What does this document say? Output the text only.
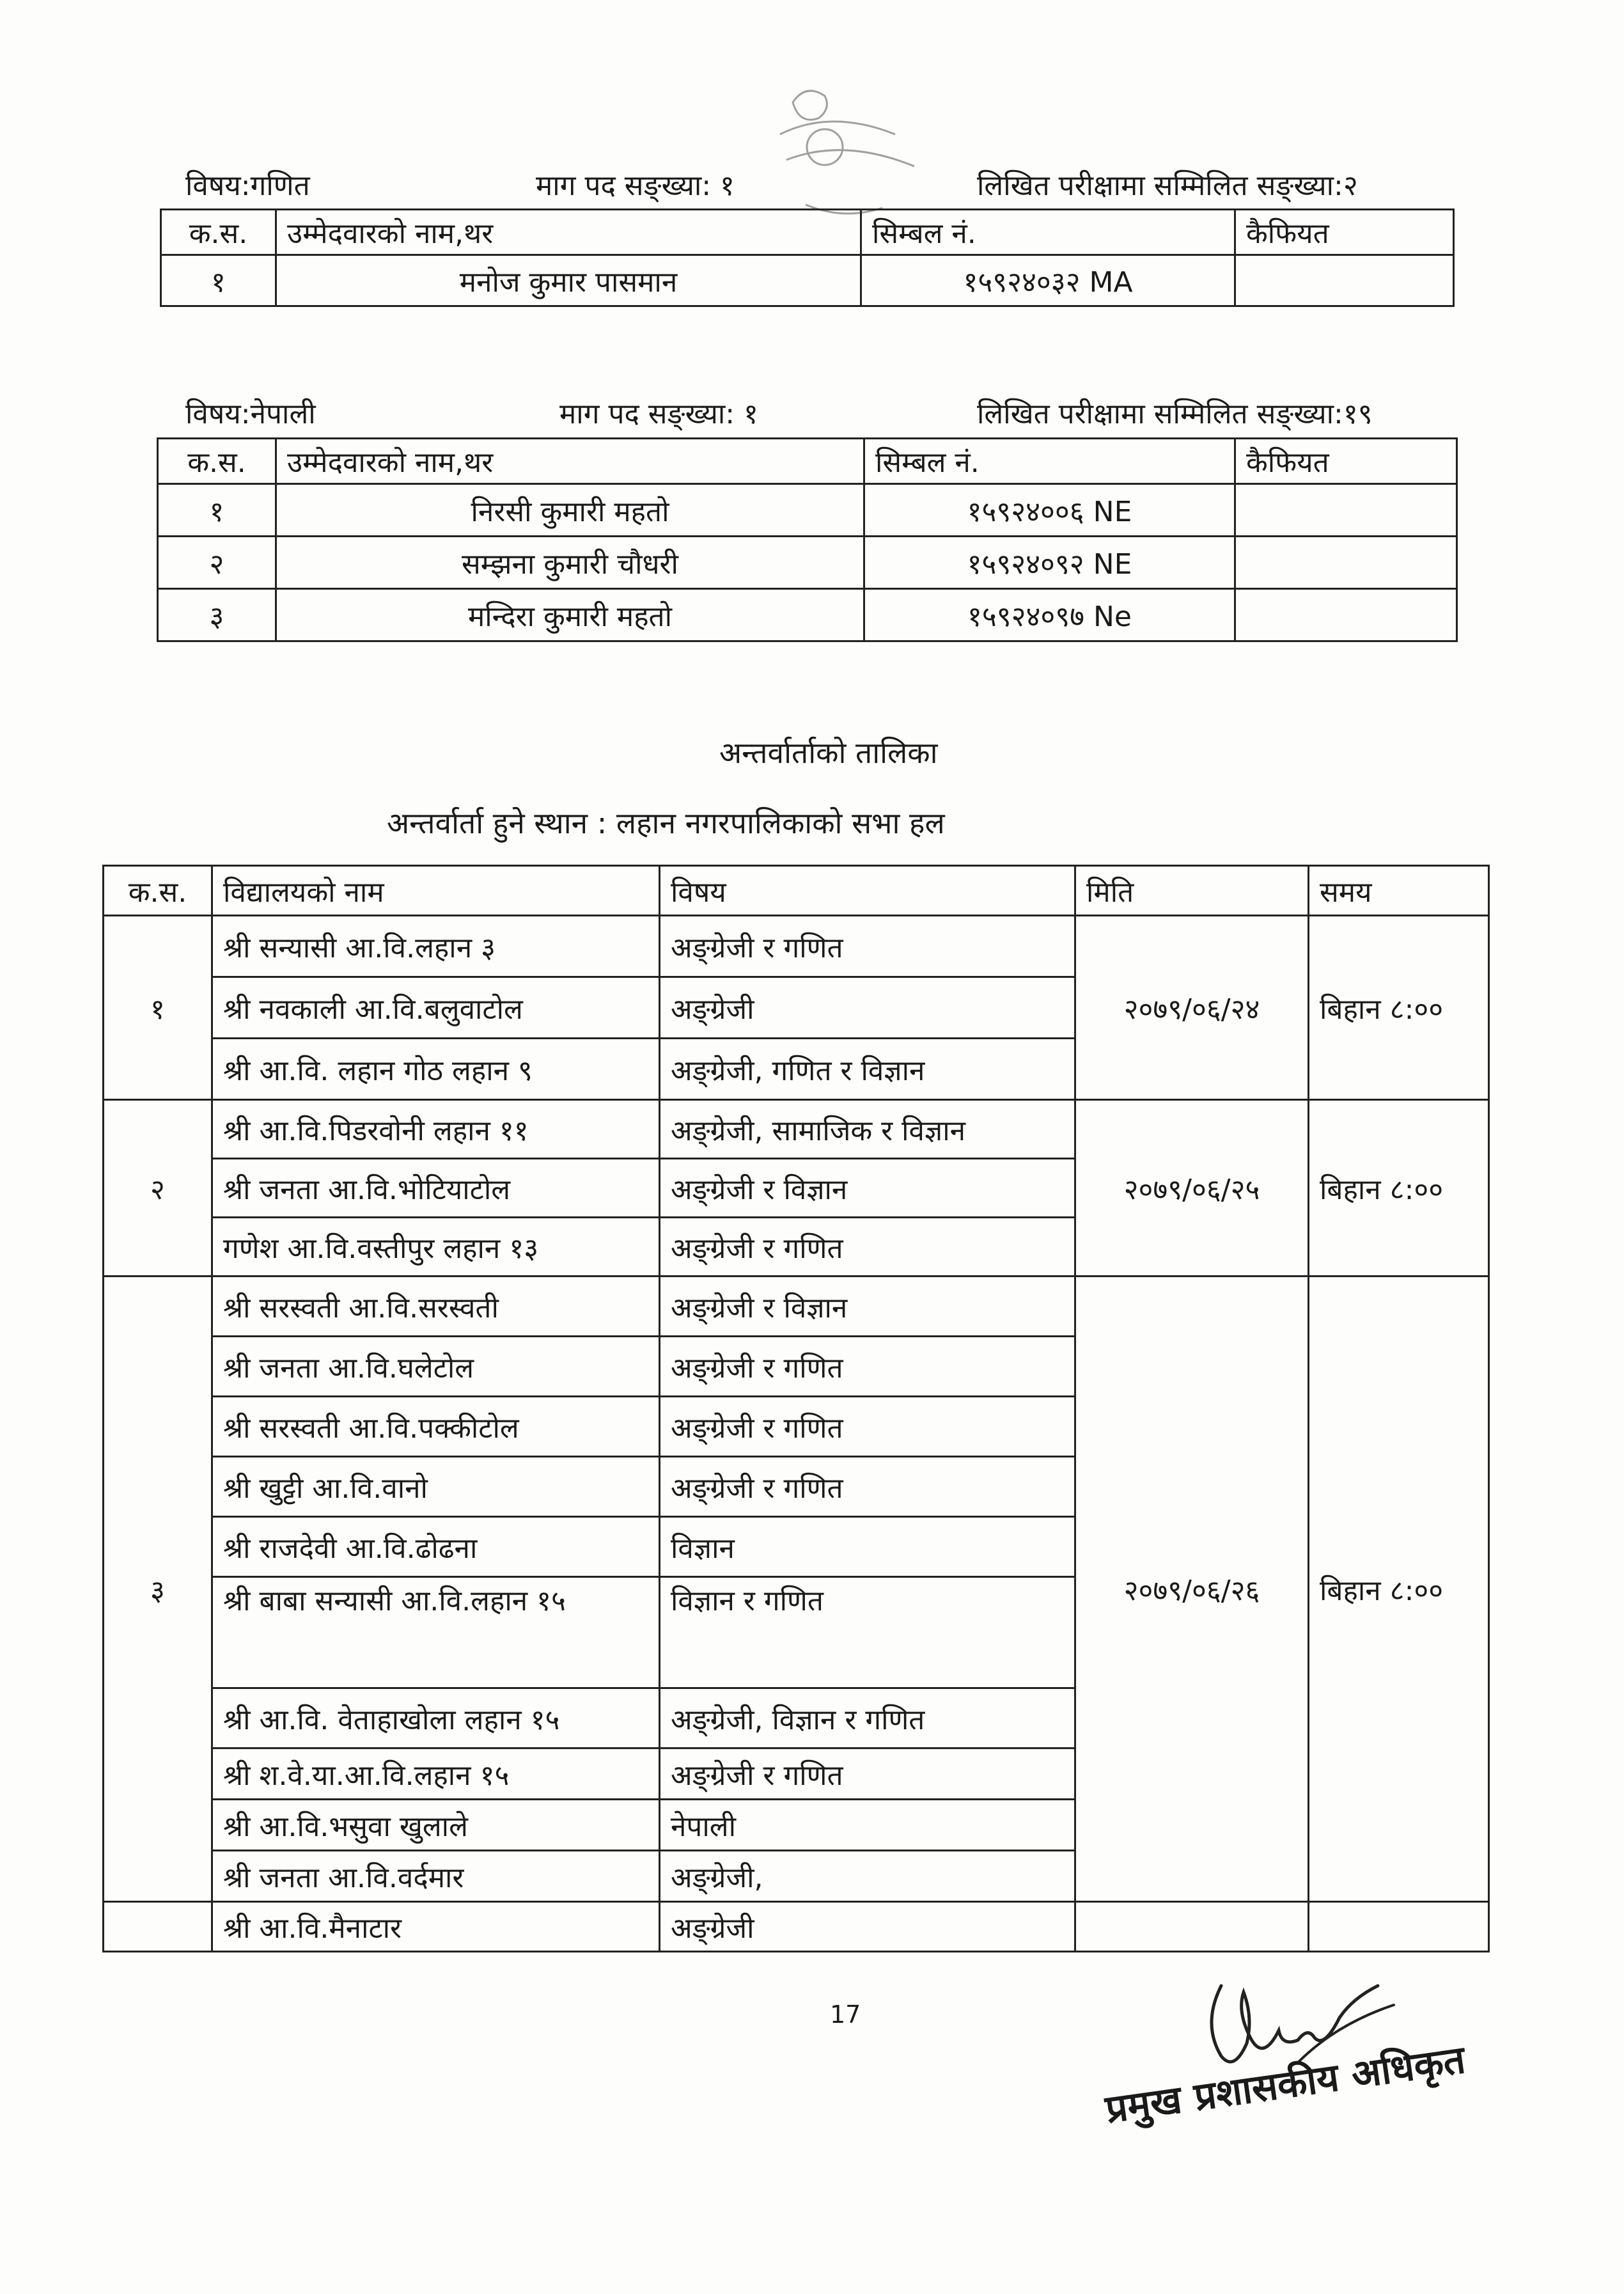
विषय:गणित	माग पद सङ्ख्या: १	लिखित परीक्षामा सम्मिलित सङ्ख्या:२
क.स.	उम्मेदवारको नाम,थर	सिम्बल नं.	कैफियत
१	मनोज कुमार पासमान	१५९२४०३२ MA	
विषय:नेपाली	माग पद सङ्ख्या: १	लिखित परीक्षामा सम्मिलित सङ्ख्या:१९
क.स.	उम्मेदवारको नाम,थर	सिम्बल नं.	कैफियत
१	निरसी कुमारी महतो	१५९२४००६ NE	
२	सम्झना कुमारी चौधरी	१५९२४०९२ NE	
३	मन्दिरा कुमारी महतो	१५९२४०९७ Ne	
अन्तर्वार्ताको तालिका
अन्तर्वार्ता हुने स्थान : लहान नगरपालिकाको सभा हल
क.स.	विद्यालयको नाम	विषय	मिति	समय
१	श्री सन्यासी आ.वि.लहान ३	अङ्ग्रेजी र गणित	२०७९/०६/२४	बिहान ८:००
	श्री नवकाली आ.वि.बलुवाटोल	अङ्ग्रेजी		
	श्री आ.वि. लहान गोठ लहान ९	अङ्ग्रेजी, गणित र विज्ञान		
२	श्री आ.वि.पिडरवोनी लहान ११	अङ्ग्रेजी, सामाजिक र विज्ञान	२०७९/०६/२५	बिहान ८:००
	श्री जनता आ.वि.भोटियाटोल	अङ्ग्रेजी र विज्ञान		
	गणेश आ.वि.वस्तीपुर लहान १३	अङ्ग्रेजी र गणित		
३	श्री सरस्वती आ.वि.सरस्वती	अङ्ग्रेजी र विज्ञान	२०७९/०६/२६	बिहान ८:००
	श्री जनता आ.वि.घलेटोल	अङ्ग्रेजी र गणित		
	श्री सरस्वती आ.वि.पक्कीटोल	अङ्ग्रेजी र गणित		
	श्री खुट्टी आ.वि.वानो	अङ्ग्रेजी र गणित		
	श्री राजदेवी आ.वि.ढोढना	विज्ञान		
	श्री बाबा सन्यासी आ.वि.लहान १५	विज्ञान र गणित		
	श्री आ.वि. वेताहाखोला लहान १५	अङ्ग्रेजी, विज्ञान र गणित		
	श्री श.वे.या.आ.वि.लहान १५	अङ्ग्रेजी र गणित		
	श्री आ.वि.भसुवा खुलाले	नेपाली		
	श्री जनता आ.वि.वर्दमार	अङ्ग्रेजी,		
	श्री आ.वि.मैनाटार	अङ्ग्रेजी		
17
प्रमुख प्रशासकीय अधिकृत
